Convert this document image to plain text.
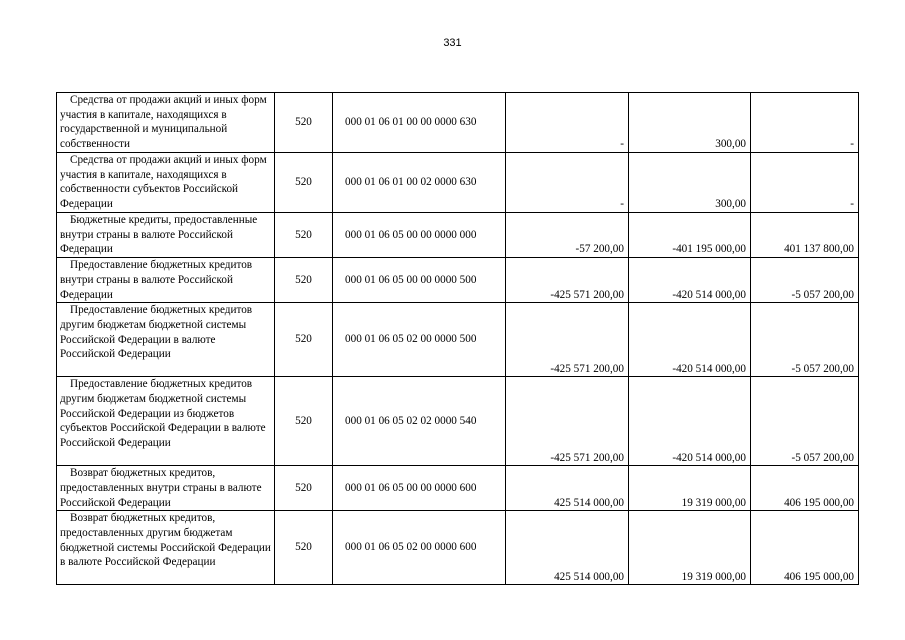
331
Средства от продажи акций и иных форм участия в капитале, находящихся в государственной и муниципальной собственности	520	000 01 06 01 00 00 0000 630	-	300,00	-
Средства от продажи акций и иных форм участия в капитале, находящихся в собственности субъектов Российской Федерации	520	000 01 06 01 00 02 0000 630	-	300,00	-
Бюджетные кредиты, предоставленные внутри страны в валюте Российской Федерации	520	000 01 06 05 00 00 0000 000	-57 200,00	-401 195 000,00	401 137 800,00
Предоставление бюджетных кредитов внутри страны в валюте Российской Федерации	520	000 01 06 05 00 00 0000 500	-425 571 200,00	-420 514 000,00	-5 057 200,00
Предоставление бюджетных кредитов другим бюджетам бюджетной системы Российской Федерации в валюте Российской Федерации	520	000 01 06 05 02 00 0000 500	-425 571 200,00	-420 514 000,00	-5 057 200,00
Предоставление бюджетных кредитов другим бюджетам бюджетной системы Российской Федерации из бюджетов субъектов Российской Федерации в валюте Российской Федерации	520	000 01 06 05 02 02 0000 540	-425 571 200,00	-420 514 000,00	-5 057 200,00
Возврат бюджетных кредитов, предоставленных внутри страны в валюте Российской Федерации	520	000 01 06 05 00 00 0000 600	425 514 000,00	19 319 000,00	406 195 000,00
Возврат бюджетных кредитов, предоставленных другим бюджетам бюджетной системы Российской Федерации в валюте Российской Федерации	520	000 01 06 05 02 00 0000 600	425 514 000,00	19 319 000,00	406 195 000,00
